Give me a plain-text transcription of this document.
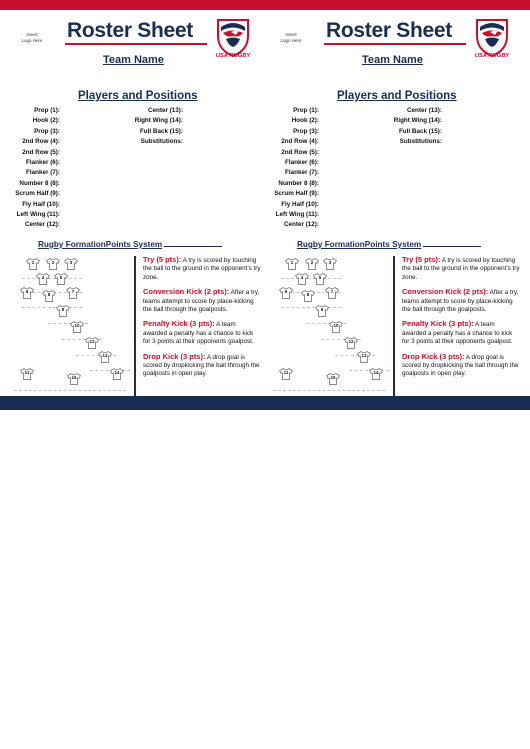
Insert
Logo Here	Roster Sheet
USA RUGBY
Team Name
Players and Positions
Prop (1):
Hook (2):
Prop (3):
2nd Row (4):
2nd Row (5):
Flanker (6):
Flanker (7):
Number 8 (8):
Scrum Half (9):
Fly Half (10):
Left Wing (11):
Center (12):
Center (13):
Right Wing (14):
Full Back (15):
Substitutions:
Rugby FormationPoints System
1	2	3
4	5
6
8
7
9
10
12
13
11
15
14
Try (5 pts): A try is scored by touching the ball to the ground in the opponent’s try zone.
Conversion Kick (2 pts): After a try, teams attempt to score by place-kicking the ball through the goalposts.
Penalty Kick (3 pts): A team awarded a penalty has a chance to kick for 3 points at their opponents goalpost.
Drop Kick (3 pts): A drop goal is scored by dropkicking the ball through the goalposts in open play.
Insert
Logo Here	Roster Sheet
USA RUGBY
Team Name
Players and Positions
Prop (1):
Hook (2):
Prop (3):
2nd Row (4):
2nd Row (5):
Flanker (6):
Flanker (7):
Number 8 (8):
Scrum Half (9):
Fly Half (10):
Left Wing (11):
Center (12):
Center (13):
Right Wing (14):
Full Back (15):
Substitutions:
Rugby FormationPoints System
1	2	3
4	5
6
8
7
9
10
12
13
11
15
14
Try (5 pts): A try is scored by touching the ball to the ground in the opponent’s try zone.
Conversion Kick (2 pts): After a try, teams attempt to score by place-kicking the ball through the goalposts.
Penalty Kick (3 pts): A team awarded a penalty has a chance to kick for 3 points at their opponents goalpost.
Drop Kick (3 pts): A drop goal is scored by dropkicking the ball through the goalposts in open play.
